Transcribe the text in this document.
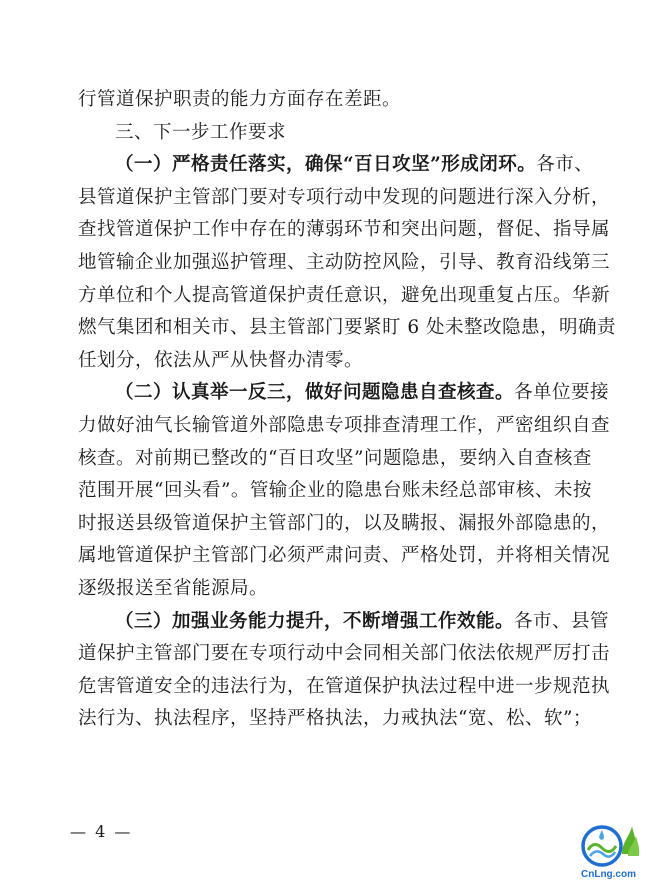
行管道保护职责的能力方面存在差距。
三、下一步工作要求
（一）严格责任落实，确保“百日攻坚”形成闭环。各市、
县管道保护主管部门要对专项行动中发现的问题进行深入分析，
查找管道保护工作中存在的薄弱环节和突出问题，督促、指导属
地管输企业加强巡护管理、主动防控风险，引导、教育沿线第三
方单位和个人提高管道保护责任意识，避免出现重复占压。华新
燃气集团和相关市、县主管部门要紧盯 6 处未整改隐患，明确责
任划分，依法从严从快督办清零。
（二）认真举一反三，做好问题隐患自查核查。各单位要接
力做好油气长输管道外部隐患专项排查清理工作，严密组织自查
核查。对前期已整改的“百日攻坚”问题隐患，要纳入自查核查
范围开展“回头看”。管输企业的隐患台账未经总部审核、未按
时报送县级管道保护主管部门的，以及瞒报、漏报外部隐患的，
属地管道保护主管部门必须严肃问责、严格处罚，并将相关情况
逐级报送至省能源局。
（三）加强业务能力提升，不断增强工作效能。各市、县管
道保护主管部门要在专项行动中会同相关部门依法依规严厉打击
危害管道安全的违法行为，在管道保护执法过程中进一步规范执
法行为、执法程序，坚持严格执法，力戒执法“宽、松、软”；
— 4 —
CnLng.com
